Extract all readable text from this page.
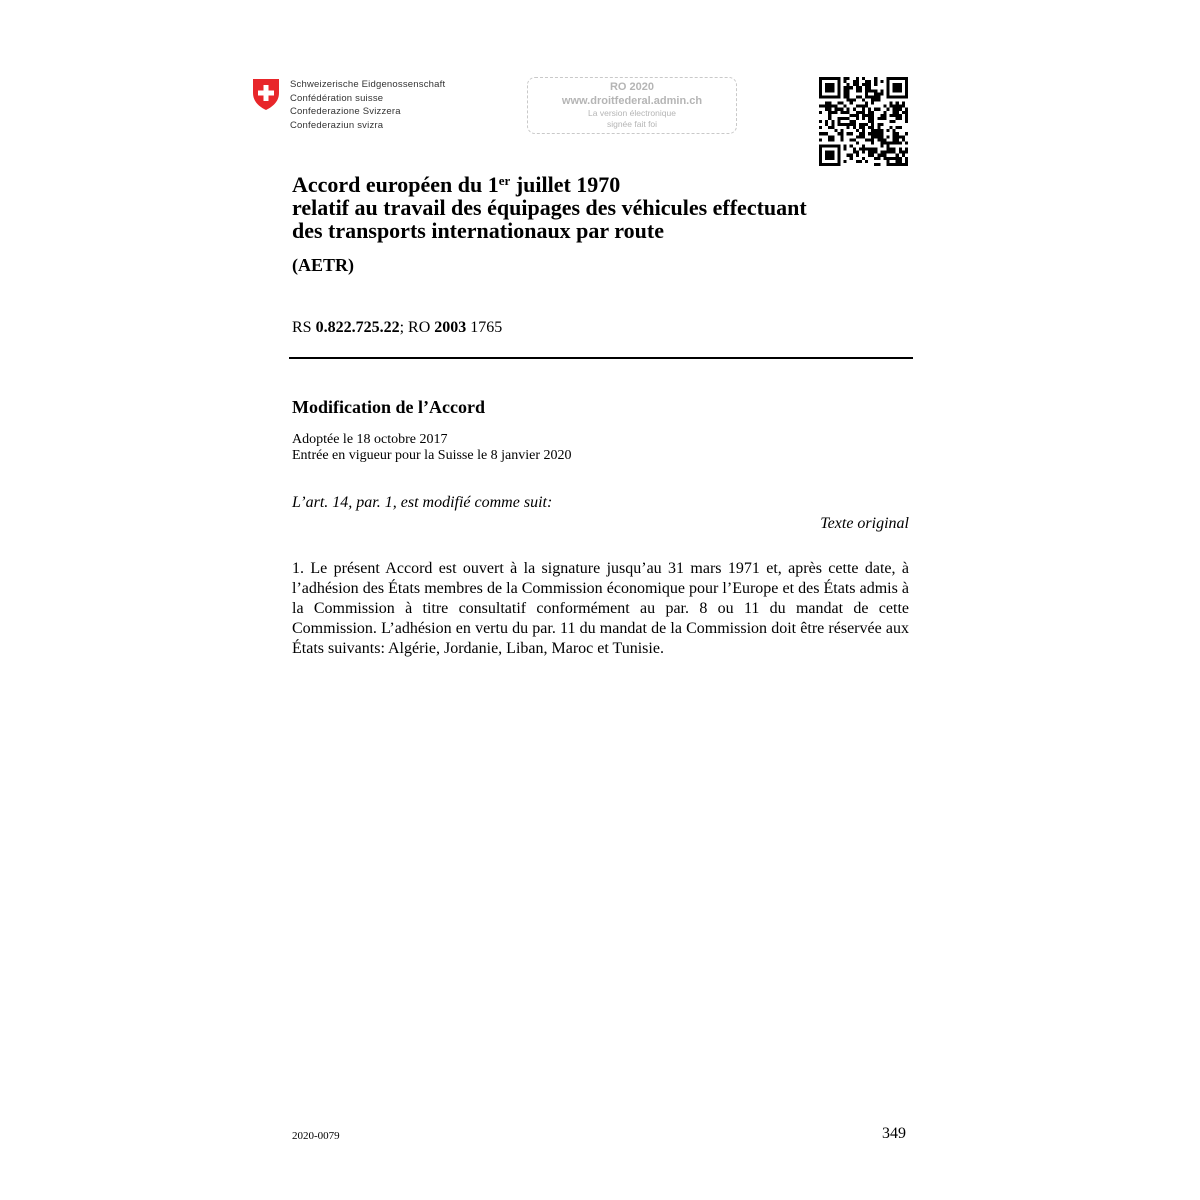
Schweizerische Eidgenossenschaft
Confédération suisse
Confederazione Svizzera
Confederaziun svizra
RO 2020
www.droitfederal.admin.ch
La version électronique
signée fait foi
Accord européen du 1er juillet 1970
relatif au travail des équipages des véhicules effectuant
des transports internationaux par route
(AETR)
RS 0.822.725.22; RO 2003 1765
Modification de l’Accord
Adoptée le 18 octobre 2017
Entrée en vigueur pour la Suisse le 8 janvier 2020
L’art. 14, par. 1, est modifié comme suit:
Texte original
1. Le présent Accord est ouvert à la signature jusqu’au 31 mars 1971 et, après cette date, à l’adhésion des États membres de la Commission économique pour l’Europe et des États admis à la Commission à titre consultatif conformément au par. 8 ou 11 du mandat de cette Commission. L’adhésion en vertu du par. 11 du mandat de la Commission doit être réservée aux États suivants: Algérie, Jordanie, Liban, Maroc et Tunisie.
2020-0079	349
